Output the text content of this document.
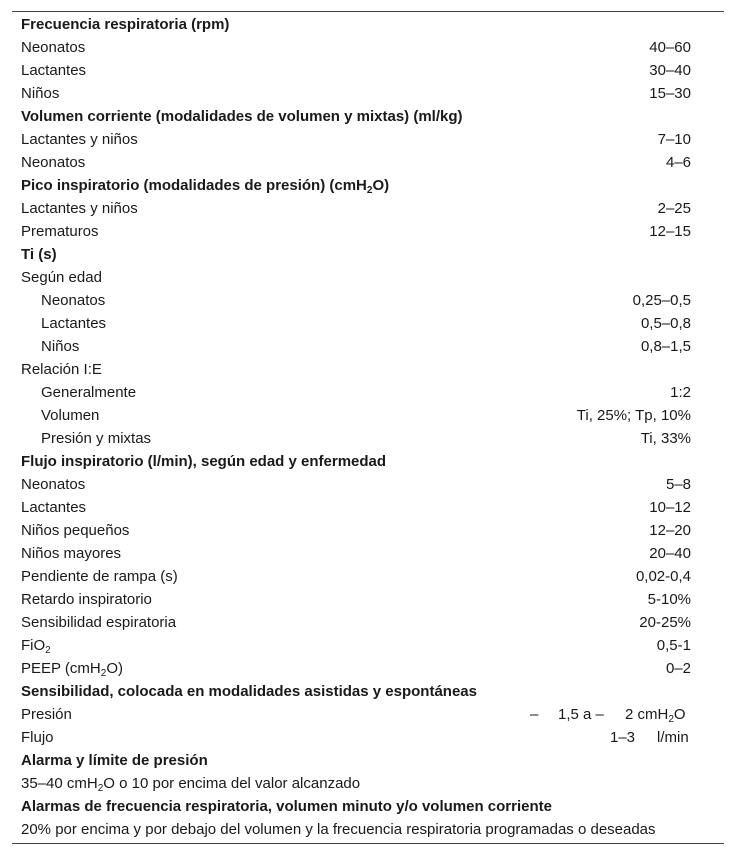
Frecuencia respiratoria (rpm)
Neonatos	40–60
Lactantes	30–40
Niños	15–30
Volumen corriente (modalidades de volumen y mixtas) (ml/kg)
Lactantes y niños	7–10
Neonatos	4–6
Pico inspiratorio (modalidades de presión) (cmH$_2$O)
Lactantes y niños	2–25
Prematuros	12–15
Ti (s)
Según edad
Neonatos	0,25–0,5
Lactantes	0,5–0,8
Niños	0,8–1,5
Relación I:E
Generalmente	1:2
Volumen	Ti, 25%; Tp, 10%
Presión y mixtas	Ti, 33%
Flujo inspiratorio (l/min), según edad y enfermedad
Neonatos	5–8
Lactantes	10–12
Niños pequeños	12–20
Niños mayores	20–40
Pendiente de rampa (s)	0,02-0,4
Retardo inspiratorio	5-10%
Sensibilidad espiratoria	20-25%
FiO$_2$	0,5-1
PEEP (cmH$_2$O)	0–2
Sensibilidad, colocada en modalidades asistidas y espontáneas
Presión	– 1,5 a – 2 cmH$_2$O
Flujo	1–3 l/min
Alarma y límite de presión
35–40 cmH$_2$O o 10 por encima del valor alcanzado
Alarmas de frecuencia respiratoria, volumen minuto y/o volumen corriente
20% por encima y por debajo del volumen y la frecuencia respiratoria programadas o deseadas
